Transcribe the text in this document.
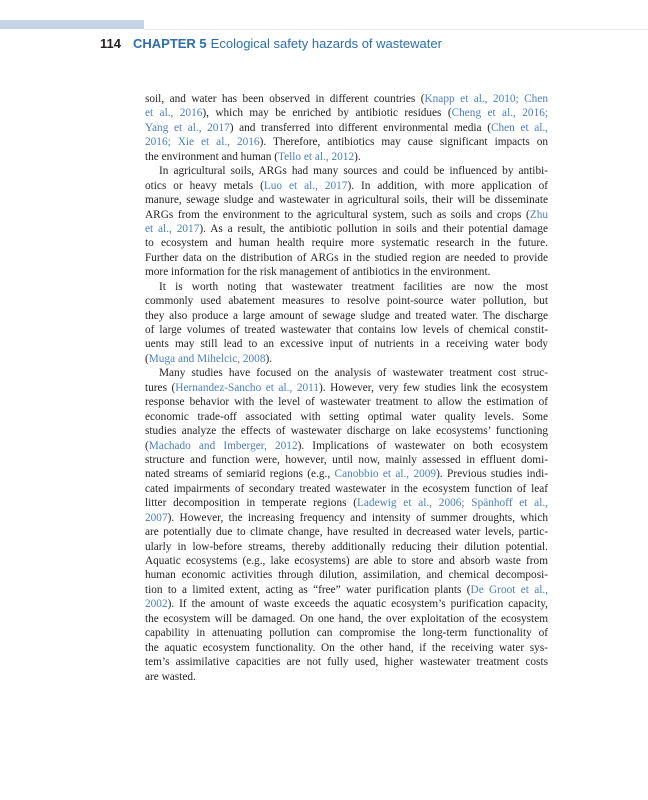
114 CHAPTER 5 Ecological safety hazards of wastewater
soil, and water has been observed in different countries (Knapp et al., 2010; Chen
et al., 2016), which may be enriched by antibiotic residues (Cheng et al., 2016;
Yang et al., 2017) and transferred into different environmental media (Chen et al.,
2016; Xie et al., 2016). Therefore, antibiotics may cause significant impacts on
the environment and human (Tello et al., 2012).
In agricultural soils, ARGs had many sources and could be influenced by antibi-
otics or heavy metals (Luo et al., 2017). In addition, with more application of
manure, sewage sludge and wastewater in agricultural soils, their will be disseminate
ARGs from the environment to the agricultural system, such as soils and crops (Zhu
et al., 2017). As a result, the antibiotic pollution in soils and their potential damage
to ecosystem and human health require more systematic research in the future.
Further data on the distribution of ARGs in the studied region are needed to provide
more information for the risk management of antibiotics in the environment.
It is worth noting that wastewater treatment facilities are now the most
commonly used abatement measures to resolve point-source water pollution, but
they also produce a large amount of sewage sludge and treated water. The discharge
of large volumes of treated wastewater that contains low levels of chemical constit-
uents may still lead to an excessive input of nutrients in a receiving water body
(Muga and Mihelcic, 2008).
Many studies have focused on the analysis of wastewater treatment cost struc-
tures (Hernandez-Sancho et al., 2011). However, very few studies link the ecosystem
response behavior with the level of wastewater treatment to allow the estimation of
economic trade-off associated with setting optimal water quality levels. Some
studies analyze the effects of wastewater discharge on lake ecosystems’ functioning
(Machado and Imberger, 2012). Implications of wastewater on both ecosystem
structure and function were, however, until now, mainly assessed in effluent domi-
nated streams of semiarid regions (e.g., Canobbio et al., 2009). Previous studies indi-
cated impairments of secondary treated wastewater in the ecosystem function of leaf
litter decomposition in temperate regions (Ladewig et al., 2006; Spänhoff et al.,
2007). However, the increasing frequency and intensity of summer droughts, which
are potentially due to climate change, have resulted in decreased water levels, partic-
ularly in low-before streams, thereby additionally reducing their dilution potential.
Aquatic ecosystems (e.g., lake ecosystems) are able to store and absorb waste from
human economic activities through dilution, assimilation, and chemical decomposi-
tion to a limited extent, acting as “free” water purification plants (De Groot et al.,
2002). If the amount of waste exceeds the aquatic ecosystem’s purification capacity,
the ecosystem will be damaged. On one hand, the over exploitation of the ecosystem
capability in attenuating pollution can compromise the long-term functionality of
the aquatic ecosystem functionality. On the other hand, if the receiving water sys-
tem’s assimilative capacities are not fully used, higher wastewater treatment costs
are wasted.
